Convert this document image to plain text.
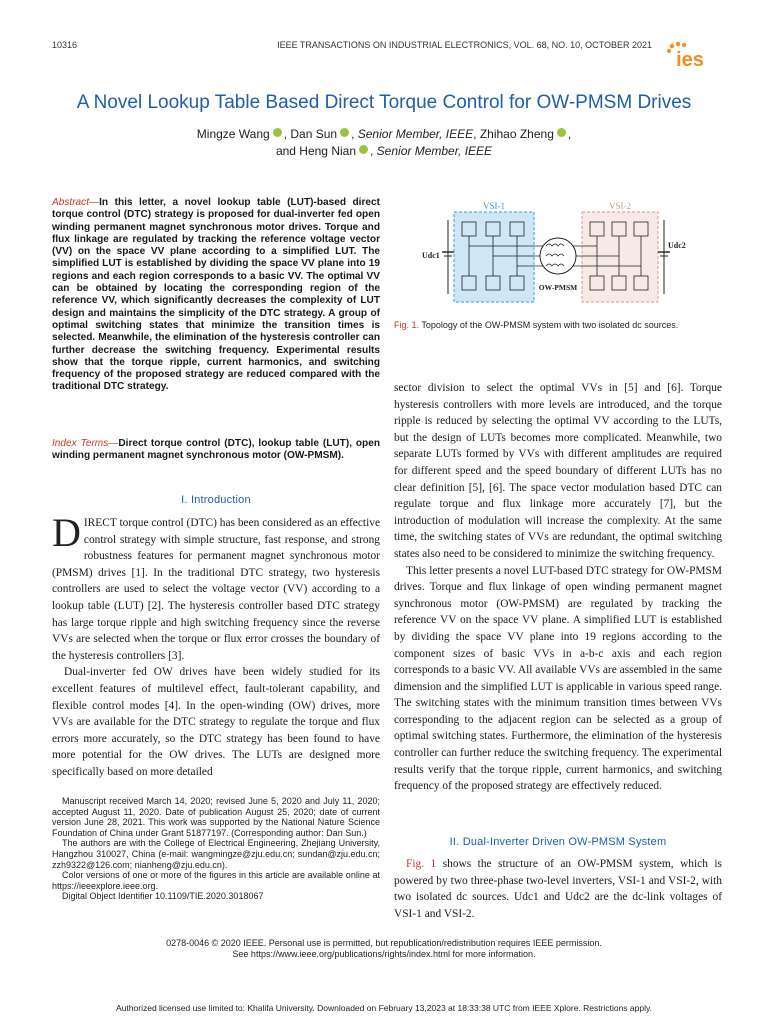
10316	IEEE TRANSACTIONS ON INDUSTRIAL ELECTRONICS, VOL. 68, NO. 10, OCTOBER 2021
ies
A Novel Lookup Table Based Direct Torque Control for OW-PMSM Drives
Mingze Wang , Dan Sun , Senior Member, IEEE, Zhihao Zheng ,
and Heng Nian , Senior Member, IEEE
Abstract—In this letter, a novel lookup table (LUT)-based direct torque control (DTC) strategy is proposed for dual-inverter fed open winding permanent magnet synchronous motor drives. Torque and flux linkage are regulated by tracking the reference voltage vector (VV) on the space VV plane according to a simplified LUT. The simplified LUT is established by dividing the space VV plane into 19 regions and each region corresponds to a basic VV. The optimal VV can be obtained by locating the corresponding region of the reference VV, which significantly decreases the complexity of LUT design and maintains the simplicity of the DTC strategy. A group of optimal switching states that minimize the transition times is selected. Meanwhile, the elimination of the hysteresis controller can further decrease the switching frequency. Experimental results show that the torque ripple, current harmonics, and switching frequency of the proposed strategy are reduced compared with the traditional DTC strategy.
Index Terms—Direct torque control (DTC), lookup table (LUT), open winding permanent magnet synchronous motor (OW-PMSM).
I. Introduction

DIRECT torque control (DTC) has been considered as an effective control strategy with simple structure, fast response, and strong robustness features for permanent magnet synchronous motor (PMSM) drives [1]. In the traditional DTC strategy, two hysteresis controllers are used to select the voltage vector (VV) according to a lookup table (LUT) [2]. The hysteresis controller based DTC strategy has large torque ripple and high switching frequency since the reverse VVs are selected when the torque or flux error crosses the boundary of the hysteresis controllers [3].

Dual-inverter fed OW drives have been widely studied for its excellent features of multilevel effect, fault-tolerant capability, and flexible control modes [4]. In the open-winding (OW) drives, more VVs are available for the DTC strategy to regulate the torque and flux errors more accurately, so the DTC strategy has been found to have more potential for the OW drives. The LUTs are designed more specifically based on more detailed

Manuscript received March 14, 2020; revised June 5, 2020 and July 11, 2020; accepted August 11, 2020. Date of publication August 25, 2020; date of current version June 28, 2021. This work was supported by the National Nature Science Foundation of China under Grant 51877197. (Corresponding author: Dan Sun.)

The authors are with the College of Electrical Engineering, Zhejiang University, Hangzhou 310027, China (e-mail: wangmingze@zju.edu.cn; sundan@zju.edu.cn; zzh9322@126.com; nianheng@zju.edu.cn).

Color versions of one or more of the figures in this article are available online at https://ieeexplore.ieee.org.

Digital Object Identifier 10.1109/TIE.2020.3018067

VSI-1	VSI-2
Udc1
Udc2
OW-PMSM
Fig. 1. Topology of the OW-PMSM system with two isolated dc sources.

sector division to select the optimal VVs in [5] and [6]. Torque hysteresis controllers with more levels are introduced, and the torque ripple is reduced by selecting the optimal VV according to the LUTs, but the design of LUTs becomes more complicated. Meanwhile, two separate LUTs formed by VVs with different amplitudes are required for different speed and the speed boundary of different LUTs has no clear definition [5], [6]. The space vector modulation based DTC can regulate torque and flux linkage more accurately [7], but the introduction of modulation will increase the complexity. At the same time, the switching states of VVs are redundant, the optimal switching states also need to be considered to minimize the switching frequency.

This letter presents a novel LUT-based DTC strategy for OW-PMSM drives. Torque and flux linkage of open winding permanent magnet synchronous motor (OW-PMSM) are regulated by tracking the reference VV on the space VV plane. A simplified LUT is established by dividing the space VV plane into 19 regions according to the component sizes of basic VVs in a-b-c axis and each region corresponds to a basic VV. All available VVs are assembled in the same dimension and the simplified LUT is applicable in various speed range. The switching states with the minimum transition times between VVs corresponding to the adjacent region can be selected as a group of optimal switching states. Furthermore, the elimination of the hysteresis controller can further reduce the switching frequency. The experimental results verify that the torque ripple, current harmonics, and switching frequency of the proposed strategy are effectively reduced.

II. Dual-Inverter Driven OW-PMSM System

Fig. 1 shows the structure of an OW-PMSM system, which is powered by two three-phase two-level inverters, VSI-1 and VSI-2, with two isolated dc sources. Udc1 and Udc2 are the dc-link voltages of VSI-1 and VSI-2.

0278-0046 © 2020 IEEE. Personal use is permitted, but republication/redistribution requires IEEE permission.
See https://www.ieee.org/publications/rights/index.html for more information.
Authorized licensed use limited to: Khalifa University. Downloaded on February 13,2023 at 18:33:38 UTC from IEEE Xplore. Restrictions apply.
